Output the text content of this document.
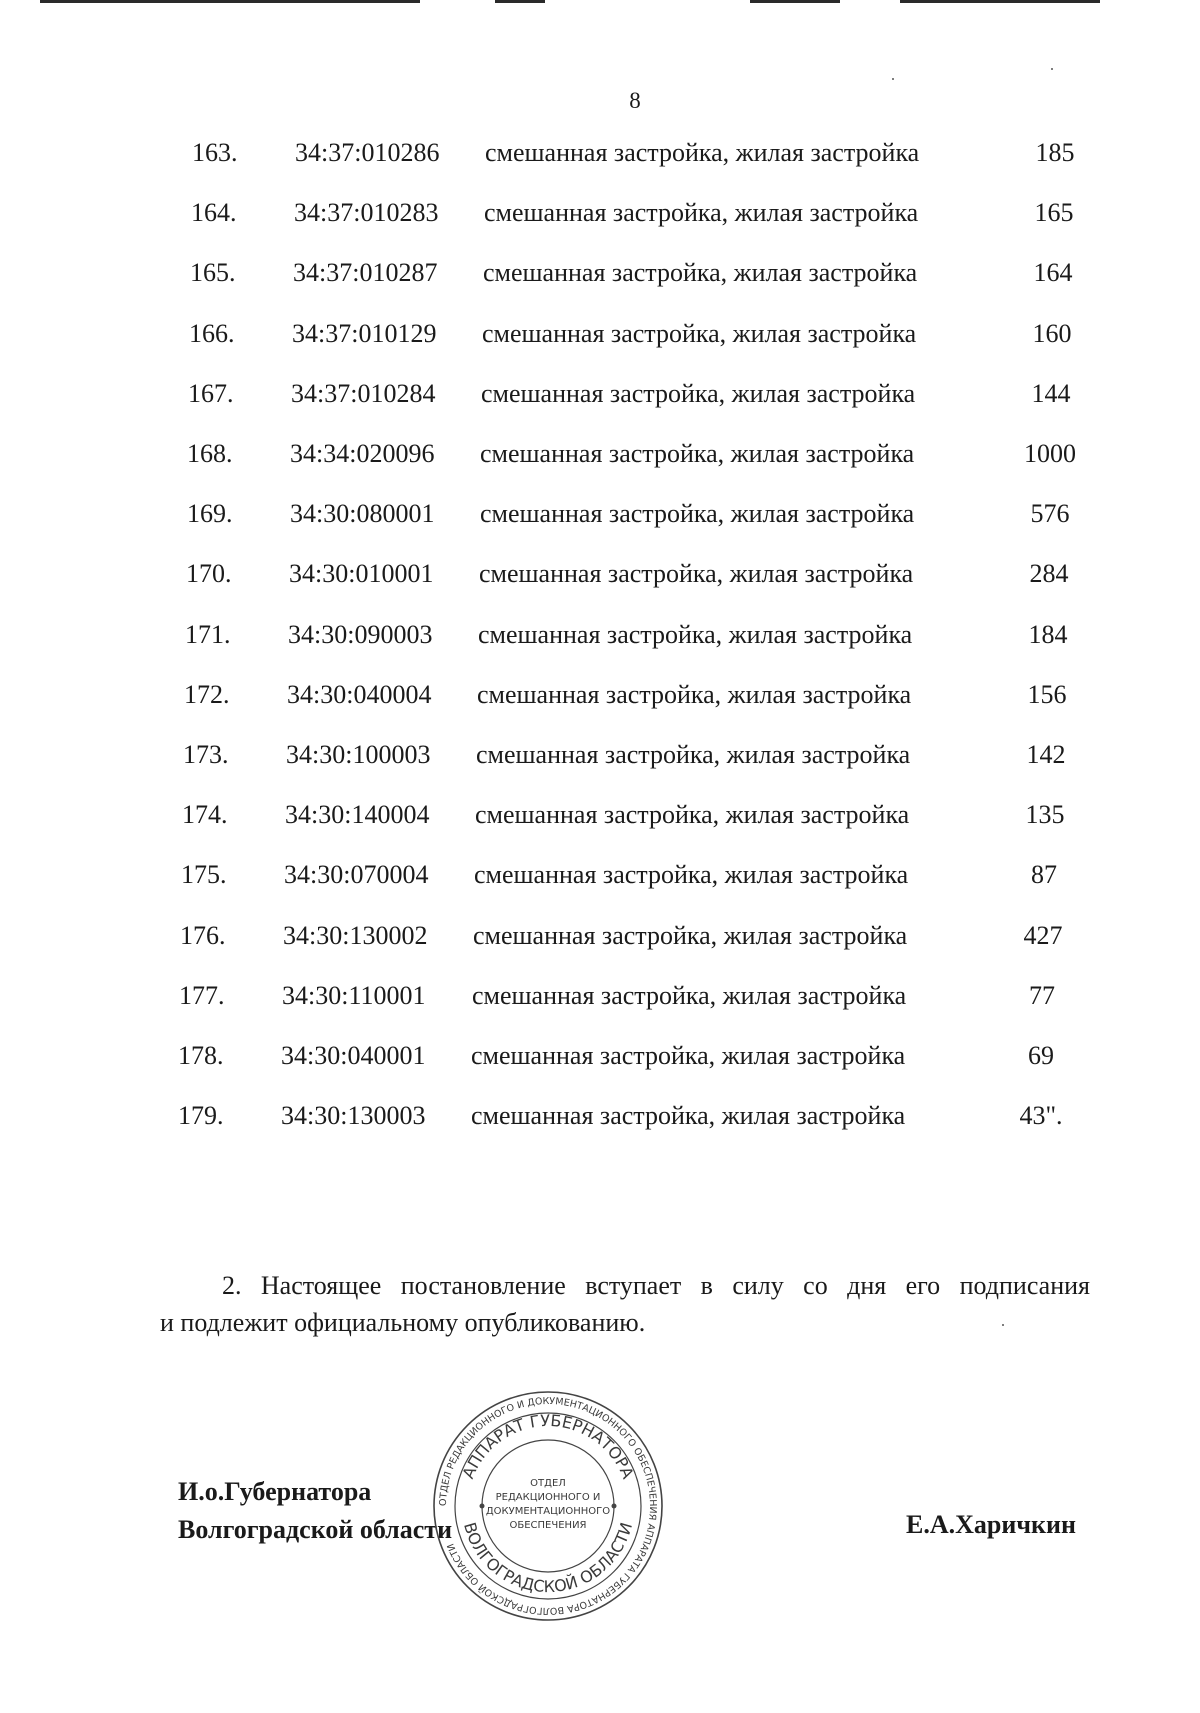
8
163. 34:37:010286 смешанная застройка, жилая застройка	185
164. 34:37:010283 смешанная застройка, жилая застройка	165
165. 34:37:010287 смешанная застройка, жилая застройка	164
166. 34:37:010129 смешанная застройка, жилая застройка	160
167. 34:37:010284 смешанная застройка, жилая застройка	144
168. 34:34:020096 смешанная застройка, жилая застройка	1000
169. 34:30:080001 смешанная застройка, жилая застройка	576
170. 34:30:010001 смешанная застройка, жилая застройка	284
171. 34:30:090003 смешанная застройка, жилая застройка	184
172. 34:30:040004 смешанная застройка, жилая застройка	156
173. 34:30:100003 смешанная застройка, жилая застройка	142
174. 34:30:140004 смешанная застройка, жилая застройка	135
175. 34:30:070004 смешанная застройка, жилая застройка	87
176. 34:30:130002 смешанная застройка, жилая застройка	427
177. 34:30:110001 смешанная застройка, жилая застройка	77
178. 34:30:040001 смешанная застройка, жилая застройка	69
179. 34:30:130003 смешанная застройка, жилая застройка	43".
2. Настоящее постановление вступает в силу со дня его подписания
и подлежит официальному опубликованию.
И.о.Губернатора
Волгоградской области	Е.А.Харичкин
ОТДЕЛ РЕДАКЦИОННОГО И ДОКУМЕНТАЦИОННОГО ОБЕСПЕЧЕНИЯ АППАРАТА ГУБЕРНАТОРА ВОЛГОГРАДСКОЙ ОБЛАСТИ
АППАРАТ ГУБЕРНАТОРА
ВОЛГОГРАДСКОЙ ОБЛАСТИ
ОТДЕЛ
РЕДАКЦИОННОГО И
ДОКУМЕНТАЦИОННОГО
ОБЕСПЕЧЕНИЯ
